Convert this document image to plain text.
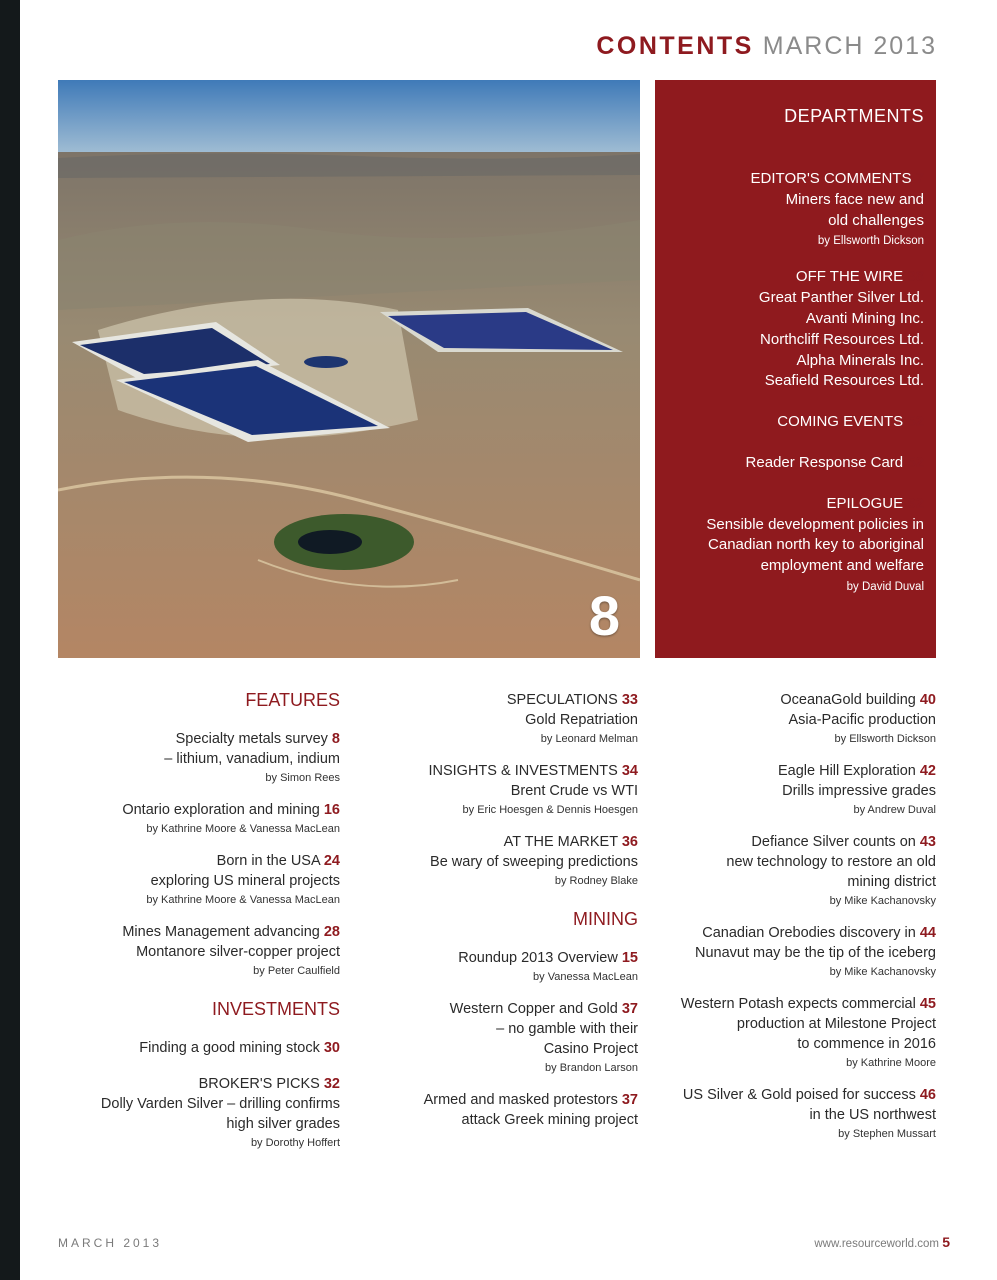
CONTENTS MARCH 2013
8
DEPARTMENTS
EDITOR'S COMMENTS 7
Miners face new and
old challenges
by Ellsworth Dickson
OFF THE WIRE 38
Great Panther Silver Ltd.
Avanti Mining Inc.
Northcliff Resources Ltd.
Alpha Minerals Inc.
Seafield Resources Ltd.
COMING EVENTS 52
Reader Response Card 52
EPILOGUE 62
Sensible development policies in
Canadian north key to aboriginal
employment and welfare
by David Duval
FEATURES
Specialty metals survey 8
– lithium, vanadium, indium
by Simon Rees
Ontario exploration and mining 16
by Kathrine Moore & Vanessa MacLean
Born in the USA 24
exploring US mineral projects
by Kathrine Moore & Vanessa MacLean
Mines Management advancing 28
Montanore silver-copper project
by Peter Caulfield
INVESTMENTS
Finding a good mining stock 30
BROKER'S PICKS 32
Dolly Varden Silver – drilling confirms
high silver grades
by Dorothy Hoffert
SPECULATIONS 33
Gold Repatriation
by Leonard Melman
INSIGHTS & INVESTMENTS 34
Brent Crude vs WTI
by Eric Hoesgen & Dennis Hoesgen
AT THE MARKET 36
Be wary of sweeping predictions
by Rodney Blake
MINING
Roundup 2013 Overview 15
by Vanessa MacLean
Western Copper and Gold 37
– no gamble with their
Casino Project
by Brandon Larson
Armed and masked protestors 37
attack Greek mining project
OceanaGold building 40
Asia-Pacific production
by Ellsworth Dickson
Eagle Hill Exploration 42
Drills impressive grades
by Andrew Duval
Defiance Silver counts on 43
new technology to restore an old
mining district
by Mike Kachanovsky
Canadian Orebodies discovery in 44
Nunavut may be the tip of the iceberg
by Mike Kachanovsky
Western Potash expects commercial 45
production at Milestone Project
to commence in 2016
by Kathrine Moore
US Silver & Gold poised for success 46
in the US northwest
by Stephen Mussart
MARCH 2013	www.resourceworld.com 5
